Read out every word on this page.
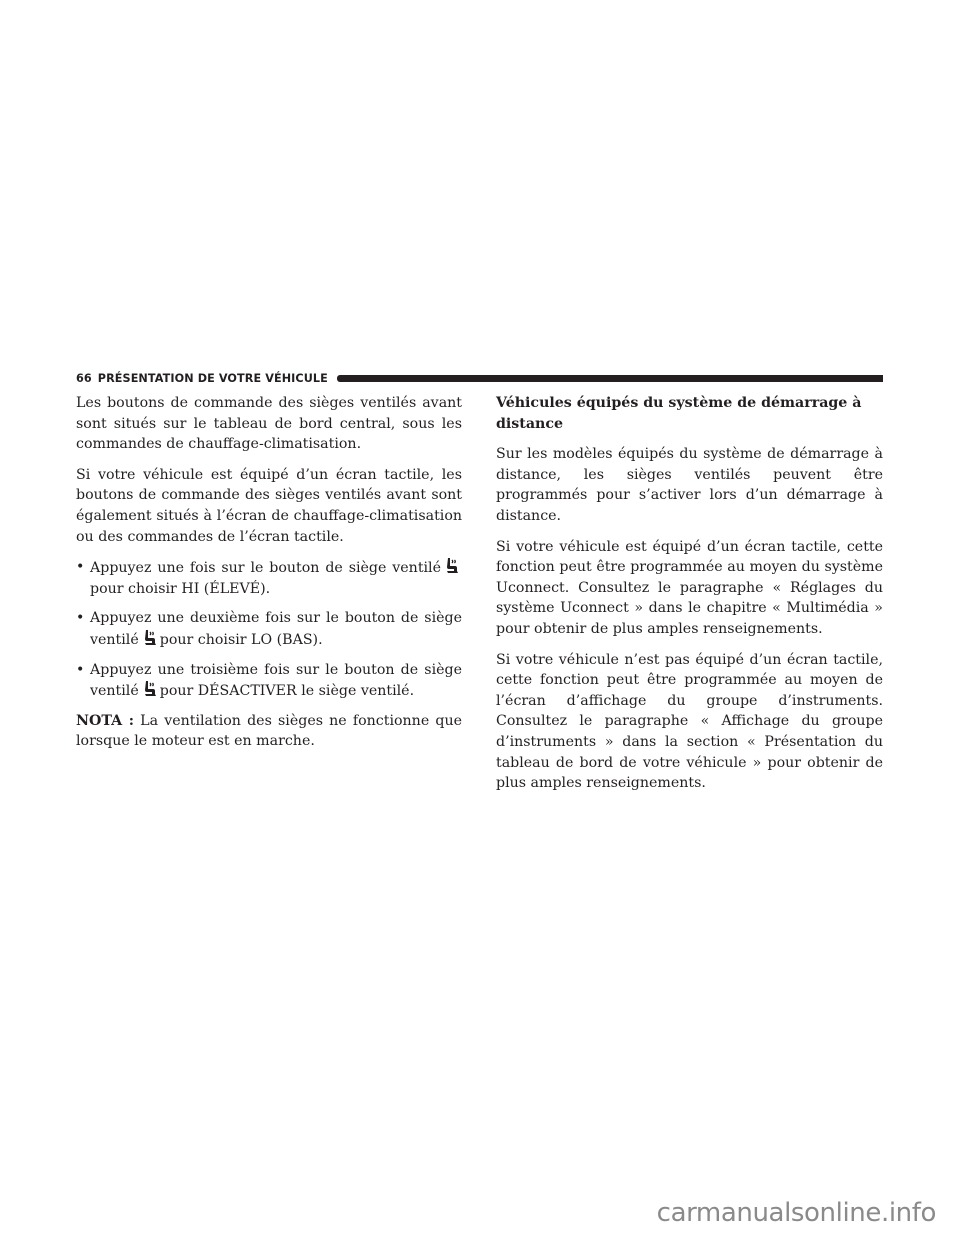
66 PRÉSENTATION DE VOTRE VÉHICULE

Les boutons de commande des sièges ventilés avant sont situés sur le tableau de bord central, sous les commandes de chauffage-climatisation.

Si votre véhicule est équipé d’un écran tactile, les boutons de commande des sièges ventilés avant sont également situés à l’écran de chauffage-climatisation ou des commandes de l’écran tactile.

• Appuyez une fois sur le bouton de siège ventilépour choisir HI (ÉLEVÉ).
• Appuyez une deuxième fois sur le bouton de siège ventilé pour choisir LO (BAS).
• Appuyez une troisième fois sur le bouton de siège ventilé pour DÉSACTIVER le siège ventilé.

NOTA : La ventilation des sièges ne fonctionne que lorsque le moteur est en marche.

Véhicules équipés du système de démarrage à distance

Sur les modèles équipés du système de démarrage à distance, les sièges ventilés peuvent être programmés pour s’activer lors d’un démarrage à distance.

Si votre véhicule est équipé d’un écran tactile, cette fonction peut être programmée au moyen du système Uconnect. Consultez le paragraphe « Réglages du système Uconnect » dans le chapitre « Multimédia » pour obtenir de plus amples renseignements.

Si votre véhicule n’est pas équipé d’un écran tactile, cette fonction peut être programmée au moyen de l’écran d’affichage du groupe d’instruments. Consultez le paragraphe « Affichage du groupe d’instruments » dans la section « Présentation du tableau de bord de votre véhicule » pour obtenir de plus amples renseignements.

carmanualsonline.info
